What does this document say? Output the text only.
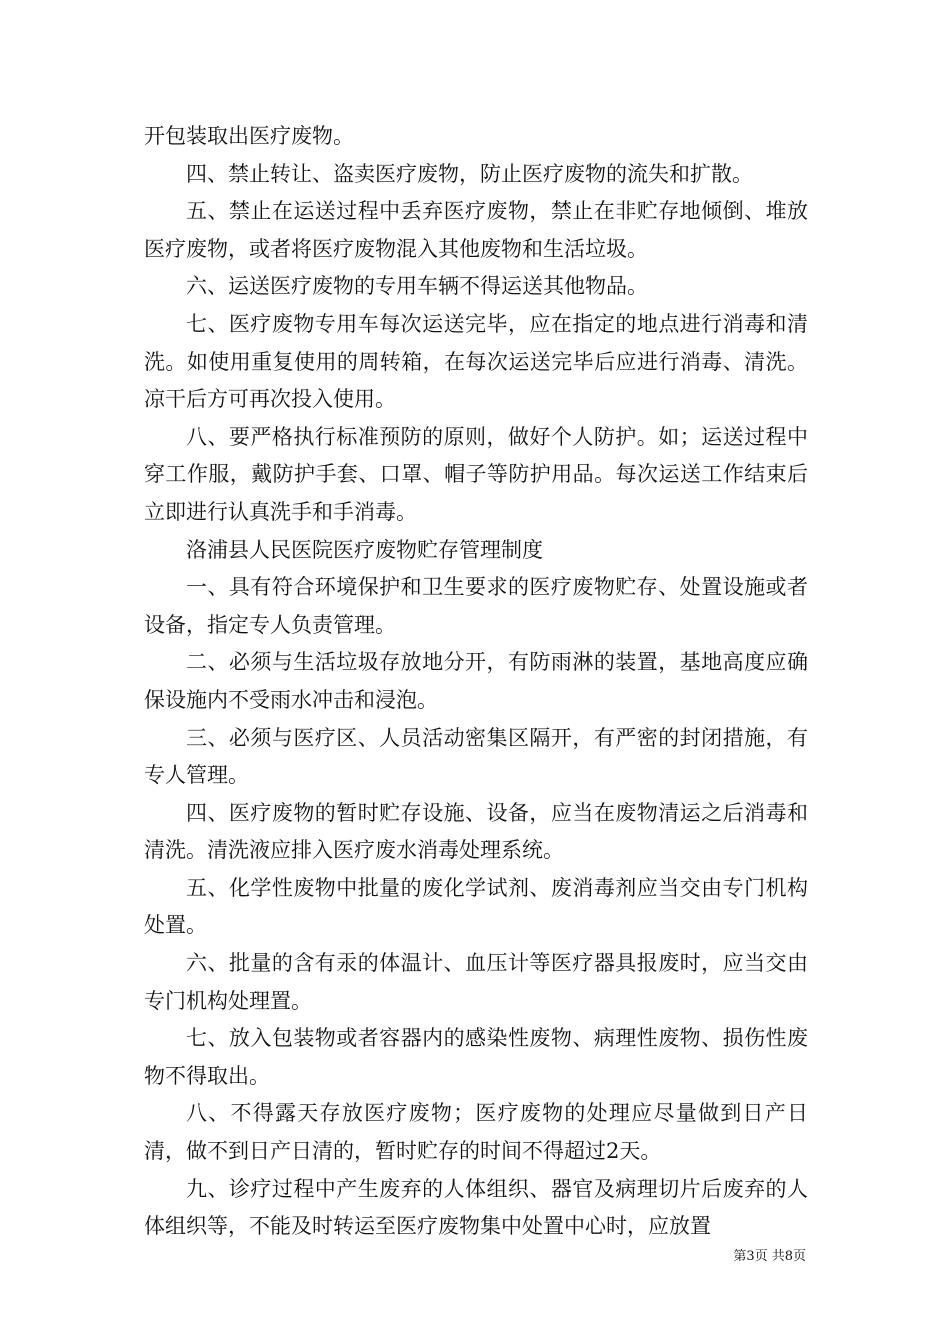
开包装取出医疗废物。

四、禁止转让、盗卖医疗废物，防止医疗废物的流失和扩散。

五、禁止在运送过程中丢弃医疗废物，禁止在非贮存地倾倒、堆放医疗废物，或者将医疗废物混入其他废物和生活垃圾。

六、运送医疗废物的专用车辆不得运送其他物品。

七、医疗废物专用车每次运送完毕，应在指定的地点进行消毒和清洗。如使用重复使用的周转箱，在每次运送完毕后应进行消毒、清洗。凉干后方可再次投入使用。

八、要严格执行标准预防的原则，做好个人防护。如；运送过程中穿工作服，戴防护手套、口罩、帽子等防护用品。每次运送工作结束后立即进行认真洗手和手消毒。

洛浦县人民医院医疗废物贮存管理制度

一、具有符合环境保护和卫生要求的医疗废物贮存、处置设施或者设备，指定专人负责管理。

二、必须与生活垃圾存放地分开，有防雨淋的装置，基地高度应确保设施内不受雨水冲击和浸泡。

三、必须与医疗区、人员活动密集区隔开，有严密的封闭措施，有专人管理。

四、医疗废物的暂时贮存设施、设备，应当在废物清运之后消毒和清洗。清洗液应排入医疗废水消毒处理系统。

五、化学性废物中批量的废化学试剂、废消毒剂应当交由专门机构处置。

六、批量的含有汞的体温计、血压计等医疗器具报废时，应当交由专门机构处理置。

七、放入包装物或者容器内的感染性废物、病理性废物、损伤性废物不得取出。

八、不得露天存放医疗废物；医疗废物的处理应尽量做到日产日清，做不到日产日清的，暂时贮存的时间不得超过2天。

九、诊疗过程中产生废弃的人体组织、器官及病理切片后废弃的人体组织等，不能及时转运至医疗废物集中处置中心时，应放置

第3页 共8页
